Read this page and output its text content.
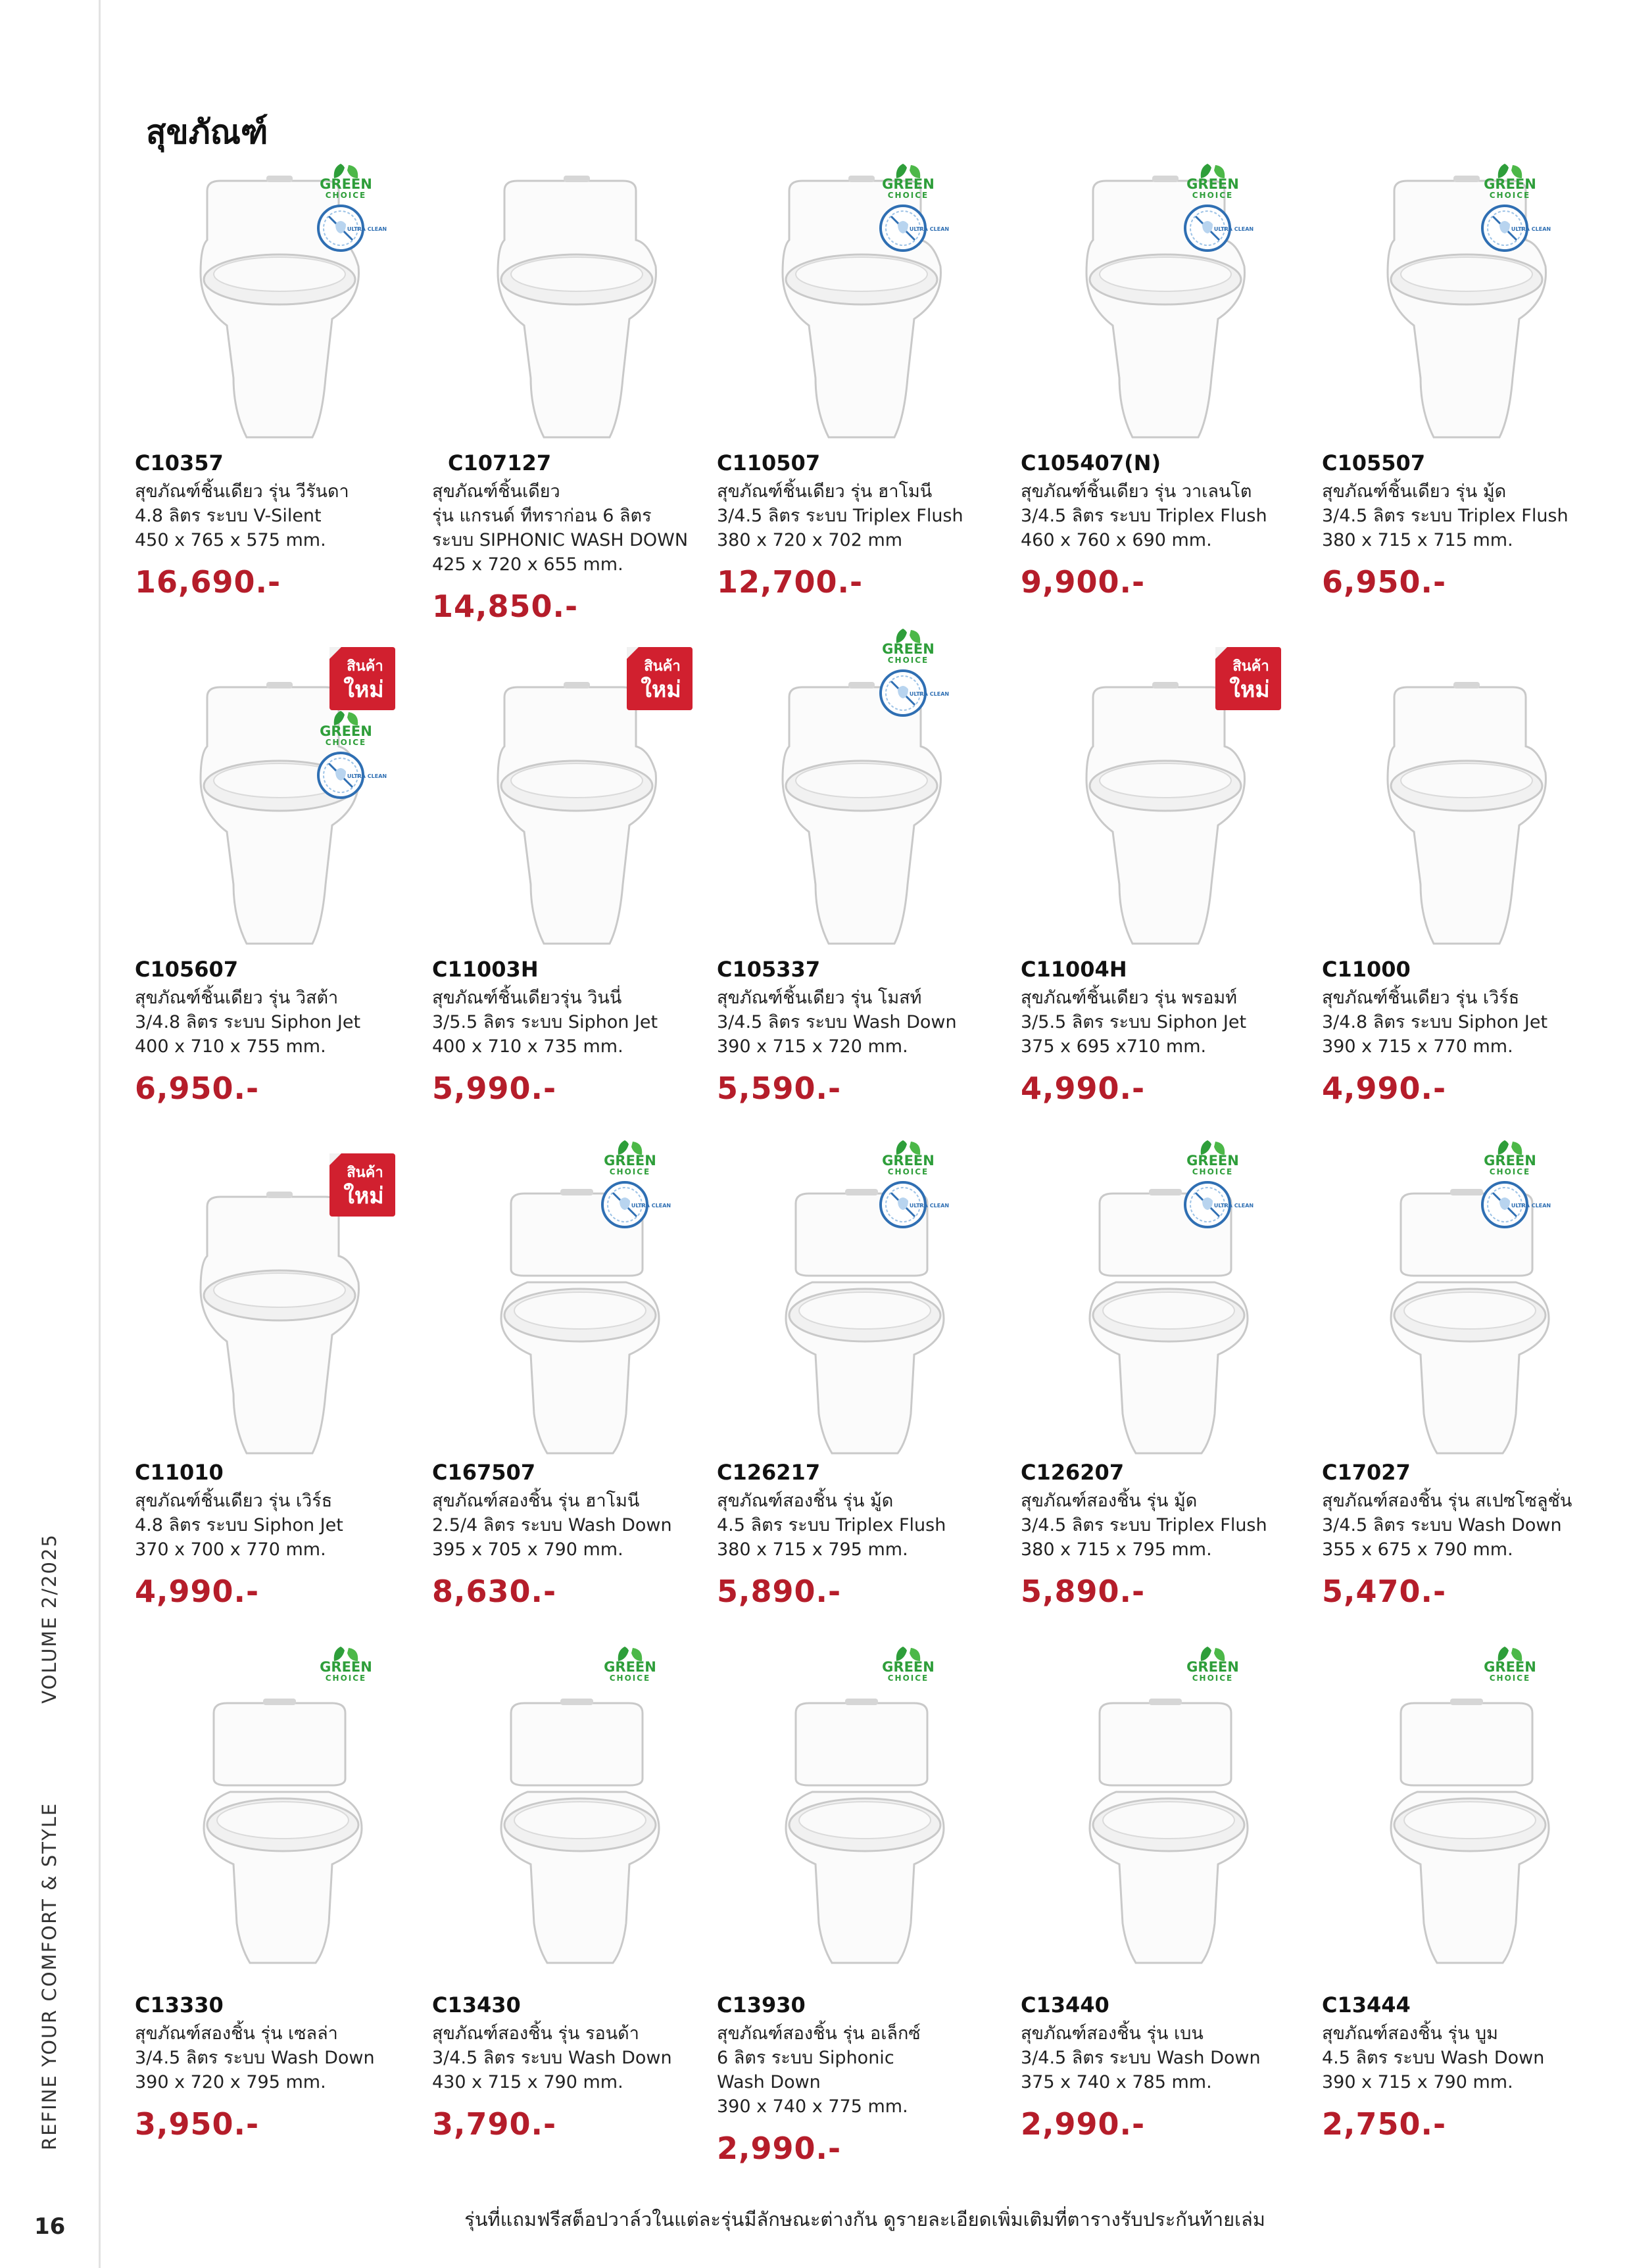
REFINE YOUR COMFORT & STYLEVOLUME 2/2025
16
สุขภัณฑ์
C10357
สุขภัณฑ์ชิ้นเดียว รุ่น วีรันดา
4.8 ลิตร ระบบ V-Silent
450 x 765 x 575 mm.
16,690.-
C107127
สุขภัณฑ์ชิ้นเดียว
รุ่น แกรนด์ ทีทราก่อน 6 ลิตร
ระบบ SIPHONIC WASH DOWN
425 x 720 x 655 mm.
14,850.-
C110507
สุขภัณฑ์ชิ้นเดียว รุ่น ฮาโมนี
3/4.5 ลิตร ระบบ Triplex Flush
380 x 720 x 702 mm
12,700.-
C105407(N)
สุขภัณฑ์ชิ้นเดียว รุ่น วาเลนโต
3/4.5 ลิตร ระบบ Triplex Flush
460 x 760 x 690 mm.
9,900.-
C105507
สุขภัณฑ์ชิ้นเดียว รุ่น มู้ด
3/4.5 ลิตร ระบบ Triplex Flush
380 x 715 x 715 mm.
6,950.-
C105607
สุขภัณฑ์ชิ้นเดียว รุ่น วิสต้า
3/4.8 ลิตร ระบบ Siphon Jet
400 x 710 x 755 mm.
6,950.-
C11003H
สุขภัณฑ์ชิ้นเดียวรุ่น วินนี่
3/5.5 ลิตร ระบบ Siphon Jet
400 x 710 x 735 mm.
5,990.-
C105337
สุขภัณฑ์ชิ้นเดียว รุ่น โมสท์
3/4.5 ลิตร ระบบ Wash Down
390 x 715 x 720 mm.
5,590.-
C11004H
สุขภัณฑ์ชิ้นเดียว รุ่น พรอมท์
3/5.5 ลิตร ระบบ Siphon Jet
375 x 695 x710 mm.
4,990.-
C11000
สุขภัณฑ์ชิ้นเดียว รุ่น เวิร์ธ
3/4.8 ลิตร ระบบ Siphon Jet
390 x 715 x 770 mm.
4,990.-
C11010
สุขภัณฑ์ชิ้นเดียว รุ่น เวิร์ธ
4.8 ลิตร ระบบ Siphon Jet
370 x 700 x 770 mm.
4,990.-
C167507
สุขภัณฑ์สองชิ้น รุ่น ฮาโมนี
2.5/4 ลิตร ระบบ Wash Down
395 x 705 x 790 mm.
8,630.-
C126217
สุขภัณฑ์สองชิ้น รุ่น มู้ด
4.5 ลิตร ระบบ Triplex Flush
380 x 715 x 795 mm.
5,890.-
C126207
สุขภัณฑ์สองชิ้น รุ่น มู้ด
3/4.5 ลิตร ระบบ Triplex Flush
380 x 715 x 795 mm.
5,890.-
C17027
สุขภัณฑ์สองชิ้น รุ่น สเปซโซลูชั่น
3/4.5 ลิตร ระบบ Wash Down
355 x 675 x 790 mm.
5,470.-
C13330
สุขภัณฑ์สองชิ้น รุ่น เซลล่า
3/4.5 ลิตร ระบบ Wash Down
390 x 720 x 795 mm.
3,950.-
C13430
สุขภัณฑ์สองชิ้น รุ่น รอนด้า
3/4.5 ลิตร ระบบ Wash Down
430 x 715 x 790 mm.
3,790.-
C13930
สุขภัณฑ์สองชิ้น รุ่น อเล็กซ์
6 ลิตร ระบบ Siphonic
Wash Down
390 x 740 x 775 mm.
2,990.-
C13440
สุขภัณฑ์สองชิ้น รุ่น เบน
3/4.5 ลิตร ระบบ Wash Down
375 x 740 x 785 mm.
2,990.-
C13444
สุขภัณฑ์สองชิ้น รุ่น บูม
4.5 ลิตร ระบบ Wash Down
390 x 715 x 790 mm.
2,750.-
รุ่นที่แถมฟรีสต็อปวาล์วในแต่ละรุ่นมีลักษณะต่างกัน ดูรายละเอียดเพิ่มเติมที่ตารางรับประกันท้ายเล่ม
GREEN
CHOICE
ULTRA CLEAN
GREEN
CHOICE
ULTRA CLEAN
GREEN
CHOICE
ULTRA CLEAN
GREEN
CHOICE
ULTRA CLEAN
สินค้า
ใหม่
GREEN
CHOICE
ULTRA CLEAN
สินค้า
ใหม่
GREEN
CHOICE
ULTRA CLEAN
สินค้า
ใหม่
สินค้า
ใหม่
GREEN
CHOICE
ULTRA CLEAN
GREEN
CHOICE
ULTRA CLEAN
GREEN
CHOICE
ULTRA CLEAN
GREEN
CHOICE
ULTRA CLEAN
GREEN
CHOICE
GREEN
CHOICE
GREEN
CHOICE
GREEN
CHOICE
GREEN
CHOICE
